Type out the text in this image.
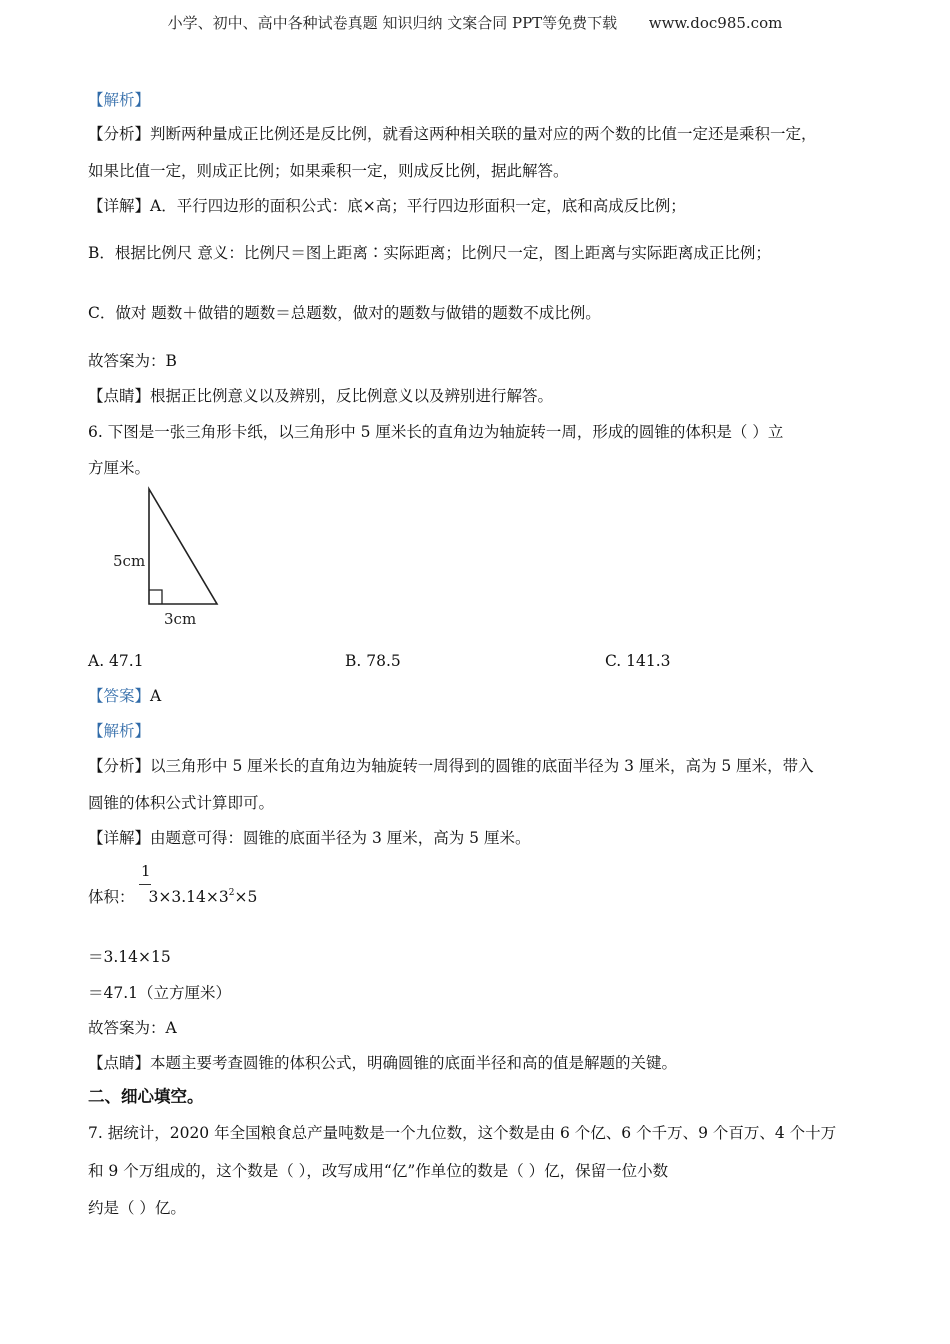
小学、初中、高中各种试卷真题 知识归纳 文案合同 PPT等免费下载 www.doc985.com
【解析】
【分析】判断两种量成正比例还是反比例，就看这两种相关联的量对应的两个数的比值一定还是乘积一定，
如果比值一定，则成正比例；如果乘积一定，则成反比例，据此解答。
【详解】A．平行四边形的面积公式：底×高；平行四边形面积一定，底和高成反比例；
B．根据比例尺 意义：比例尺＝图上距离∶实际距离；比例尺一定，图上距离与实际距离成正比例；
C．做对 题数＋做错的题数＝总题数，做对的题数与做错的题数不成比例。
故答案为：B
【点睛】根据正比例意义以及辨别，反比例意义以及辨别进行解答。
6. 下图是一张三角形卡纸，以三角形中 5 厘米长的直角边为轴旋转一周，形成的圆锥的体积是（ ）立
方厘米。
5cm
3cm
A. 47.1	B. 78.5	C. 141.3
【答案】A
【解析】
【分析】以三角形中 5 厘米长的直角边为轴旋转一周得到的圆锥的底面半径为 3 厘米，高为 5 厘米，带入
圆锥的体积公式计算即可。
【详解】由题意可得：圆锥的底面半径为 3 厘米，高为 5 厘米。
1
体积： $3\times 3.14\times 3^2\times 5$
＝3.14×15
＝47.1（立方厘米）
故答案为：A
【点睛】本题主要考查圆锥的体积公式，明确圆锥的底面半径和高的值是解题的关键。
二、细心填空。
7. 据统计，2020 年全国粮食总产量吨数是一个九位数，这个数是由 6 个亿、6 个千万、9 个百万、4 个十万
和 9 个万组成的，这个数是（ ），改写成用“亿”作单位的数是（ ）亿，保留一位小数
约是（ ）亿。
